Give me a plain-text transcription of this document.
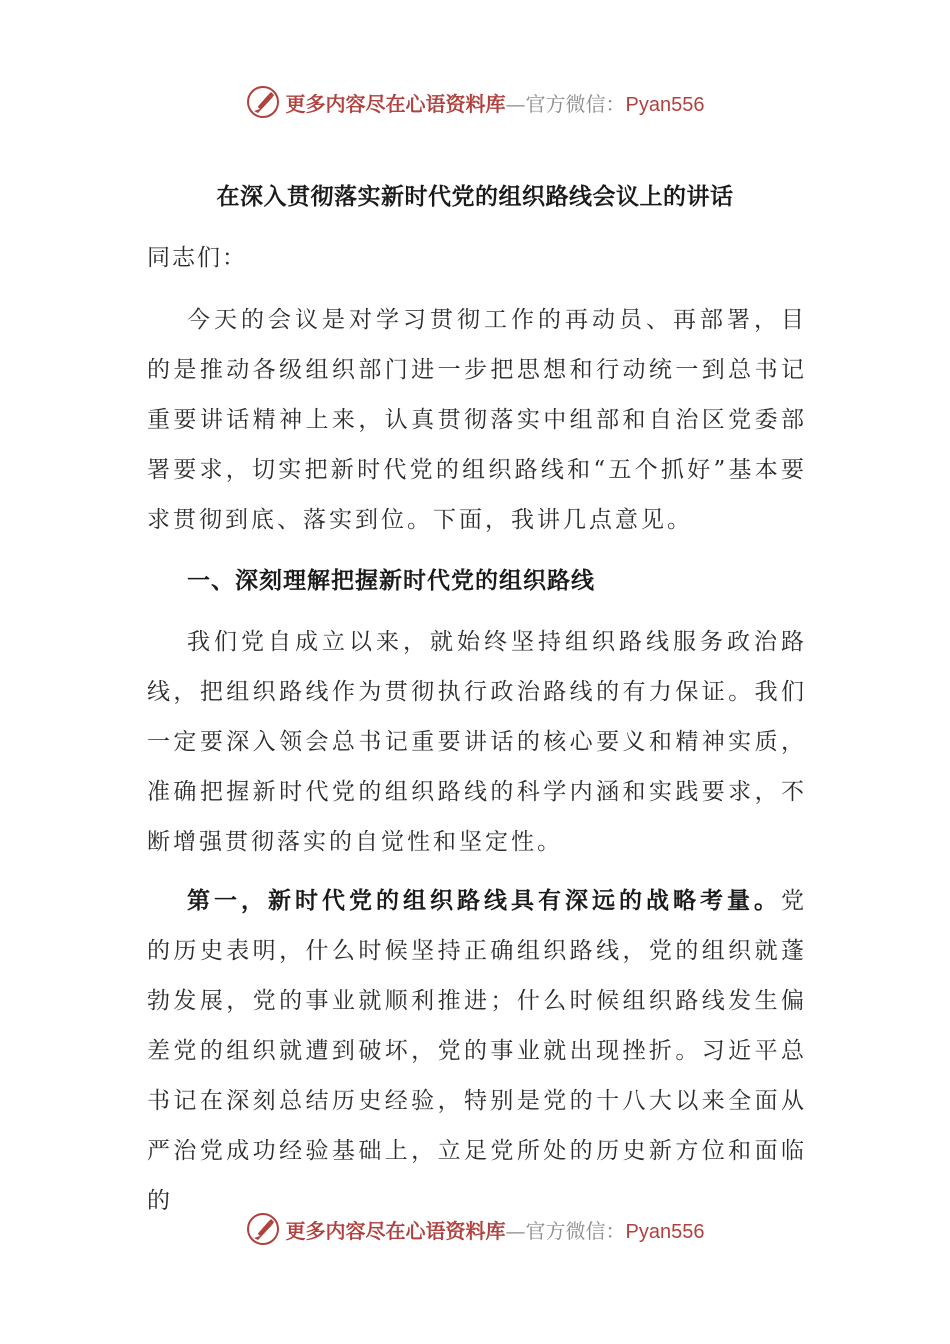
更多内容尽在心语资料库—官方微信：Pyan556
在深入贯彻落实新时代党的组织路线会议上的讲话
同志们：

今天的会议是对学习贯彻工作的再动员、再部署，目的是推动各级组织部门进一步把思想和行动统一到总书记重要讲话精神上来，认真贯彻落实中组部和自治区党委部署要求，切实把新时代党的组织路线和“五个抓好”基本要求贯彻到底、落实到位。下面，我讲几点意见。

一、深刻理解把握新时代党的组织路线

我们党自成立以来，就始终坚持组织路线服务政治路线，把组织路线作为贯彻执行政治路线的有力保证。我们一定要深入领会总书记重要讲话的核心要义和精神实质，准确把握新时代党的组织路线的科学内涵和实践要求，不断增强贯彻落实的自觉性和坚定性。

第一，新时代党的组织路线具有深远的战略考量。党的历史表明，什么时候坚持正确组织路线，党的组织就蓬勃发展，党的事业就顺利推进；什么时候组织路线发生偏差党的组织就遭到破坏，党的事业就出现挫折。习近平总书记在深刻总结历史经验，特别是党的十八大以来全面从严治党成功经验基础上，立足党所处的历史新方位和面临的

更多内容尽在心语资料库—官方微信：Pyan556
